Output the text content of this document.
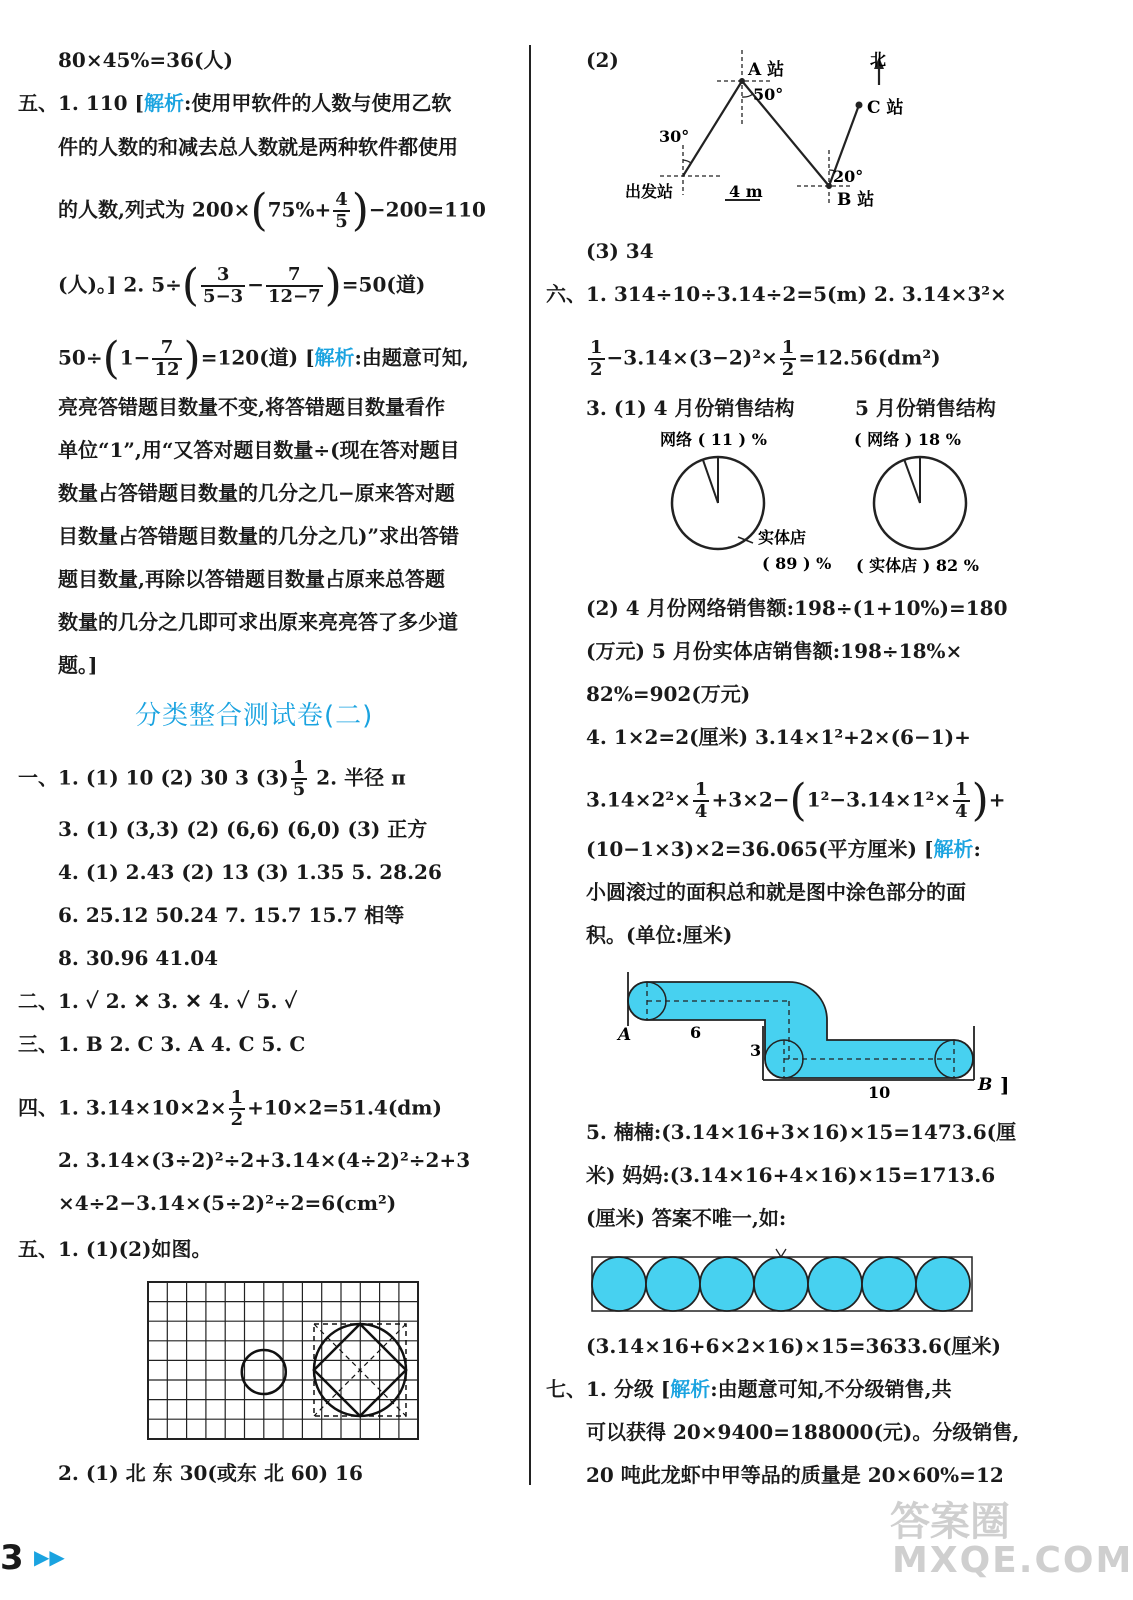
80×45%=36(人)
五、1. 110 [解析:使用甲软件的人数与使用乙软
件的人数的和减去总人数就是两种软件都使用
的人数,列式为 $200\times(75\%+ \frac{4}{5} )-200=110$
(人)。] 2. $5\div( \frac{3}{5-3} - \frac{7}{12-7} )=50$(道)
$50\div(1- \frac{7}{12} )=120$(道) [解析:由题意可知,
亮亮答错题目数量不变,将答错题目数量看作
单位“1”,用“又答对题目数量÷(现在答对题目
数量占答错题目数量的几分之几−原来答对题
目数量占答错题目数量的几分之几)”求出答错
题目数量,再除以答错题目数量占原来总答题
数量的几分之几即可求出原来亮亮答了多少道
题。]
分类整合测试卷(二)
一、1. (1) 10 (2) 30 3 $(3) \frac{1}{5} 2$. 半径 π
3. (1) (3,3) (2) (6,6) (6,0) (3) 正方
4. (1) 2.43 (2) 13 (3) 1.35 5. 28.26
6. 25.12 50.24 7. 15.7 15.7 相等
8. 30.96 41.04
二、1. ✓ 2. ✕ 3. ✕ 4. ✓ 5. ✓
三、1. B 2. C 3. A 4. C 5. C
四、1. $3.14\times 10\times 2\times \frac{1}{2} +10\times 2=51.4(dm)$
2. 3.14×(3÷2)²÷2+3.14×(4÷2)²÷2+3
×4÷2−3.14×(5÷2)²÷2=6(cm²)
五、1. (1)(2)如图。
2. (1) 北 东 30(或东 北 60) 16
(2)	A 站
50°
30°
北
C 站
20°
B 站
出发站	4 m
(3) 34
六、1. 314÷10÷3.14÷2=5(m) 2. 3.14×3²×
$\frac{1}{2} -3.14\times(3-2)^2\times \frac{1}{2} =12.56(dm^2)$
3. (1) 4 月份销售结构	5 月份销售结构
网络 ( 11 ) %
实体店
( 89 ) %
( 网络 ) 18 %
( 实体店 ) 82 %
(2) 4 月份网络销售额:198÷(1+10%)=180
(万元) 5 月份实体店销售额:198÷18%×
82%=902(万元)
4. 1×2=2(厘米) 3.14×1²+2×(6−1)+
$3.14\times 2^2\times \frac{1}{4} +3\times 2-(1^2-3.14\times 1^2\times \frac{1}{4}$ )+
(10−1×3)×2=36.065(平方厘米) [解析:
小圆滚过的面积总和就是图中涂色部分的面
积。(单位:厘米)
A	6
3
10	B ]
5. 楠楠:(3.14×16+3×16)×15=1473.6(厘
米) 妈妈:(3.14×16+4×16)×15=1713.6
(厘米) 答案不唯一,如:
(3.14×16+6×2×16)×15=3633.6(厘米)
七、1. 分级 [解析:由题意可知,不分级销售,共
可以获得 20×9400=188000(元)。分级销售,
20 吨此龙虾中甲等品的质量是 20×60%=12
3 ▶▶
答案圈
MXQE.COM
